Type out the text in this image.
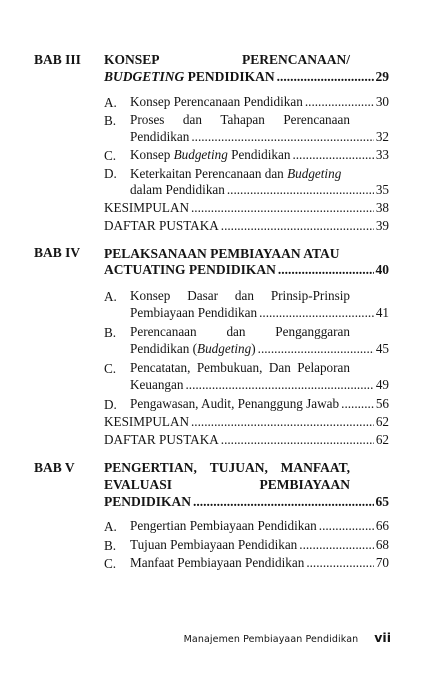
BAB III KONSEP	PERENCANAAN/
BUDGETING PENDIDIKAN .....	29
A. Konsep Perencanaan Pendidikan .....	30
B. Proses dan Tahapan Perencanaan
Pendidikan .....	32
C. Konsep Budgeting Pendidikan .....	33
D. Keterkaitan Perencanaan dan Budgeting
dalam Pendidikan .....	35
KESIMPULAN .....	38
DAFTAR PUSTAKA .....	39
BAB IV PELAKSANAAN PEMBIAYAAN ATAU
ACTUATING PENDIDIKAN .....	40
A. Konsep Dasar dan Prinsip-Prinsip
Pembiayaan Pendidikan .....	41
B. Perencanaan dan Penganggaran
Pendidikan (Budgeting) .....	45
C. Pencatatan, Pembukuan, Dan Pelaporan
Keuangan .....	49
D. Pengawasan, Audit, Penanggung Jawab .....	56
KESIMPULAN .....	62
DAFTAR PUSTAKA .....	62
BAB V PENGERTIAN, TUJUAN, MANFAAT,
EVALUASI	PEMBIAYAAN
PENDIDIKAN .....	65
A. Pengertian Pembiayaan Pendidikan .....	66
B. Tujuan Pembiayaan Pendidikan .....	68
C. Manfaat Pembiayaan Pendidikan .....	70
Manajemen Pembiayaan Pendidikan vii
